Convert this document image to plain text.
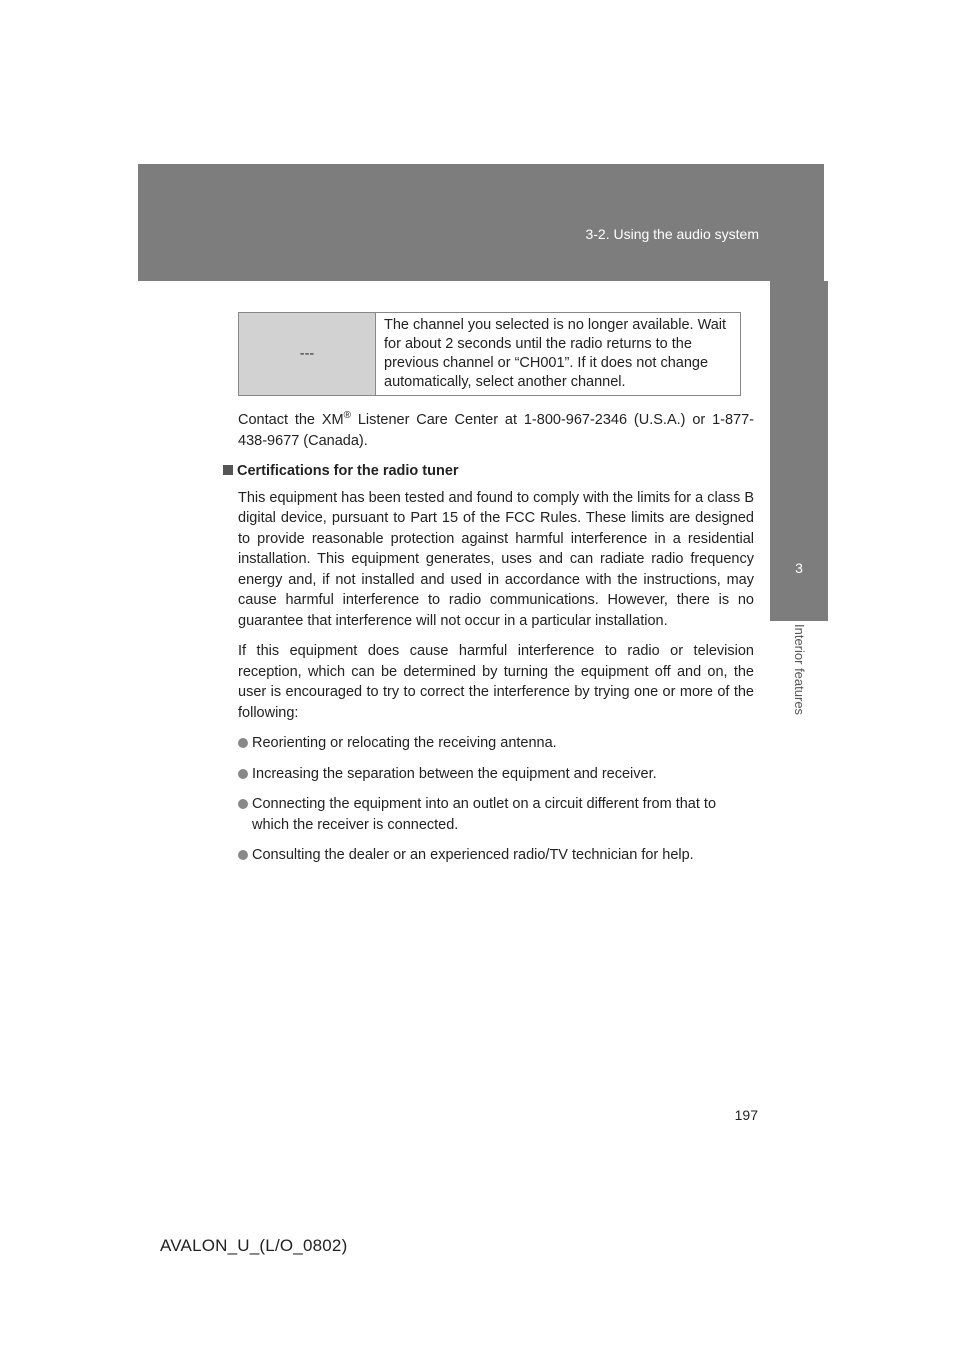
3-2. Using the audio system
3
Interior features
---	The channel you selected is no longer available. Wait for about 2 seconds until the radio returns to the previous channel or “CH001”. If it does not change automatically, select another channel.

Contact the XM® Listener Care Center at 1-800-967-2346 (U.S.A.) or 1-877-438-9677 (Canada).

Certifications for the radio tuner

This equipment has been tested and found to comply with the limits for a class B digital device, pursuant to Part 15 of the FCC Rules. These limits are designed to provide reasonable protection against harmful interference in a residential installation. This equipment generates, uses and can radiate radio frequency energy and, if not installed and used in accordance with the instructions, may cause harmful interference to radio communications. However, there is no guarantee that interference will not occur in a particular installation.

If this equipment does cause harmful interference to radio or television reception, which can be determined by turning the equipment off and on, the user is encouraged to try to correct the interference by trying one or more of the following:

Reorienting or relocating the receiving antenna.
Increasing the separation between the equipment and receiver.
Connecting the equipment into an outlet on a circuit different from that to which the receiver is connected.
Consulting the dealer or an experienced radio/TV technician for help.
197
AVALON_U_(L/O_0802)
